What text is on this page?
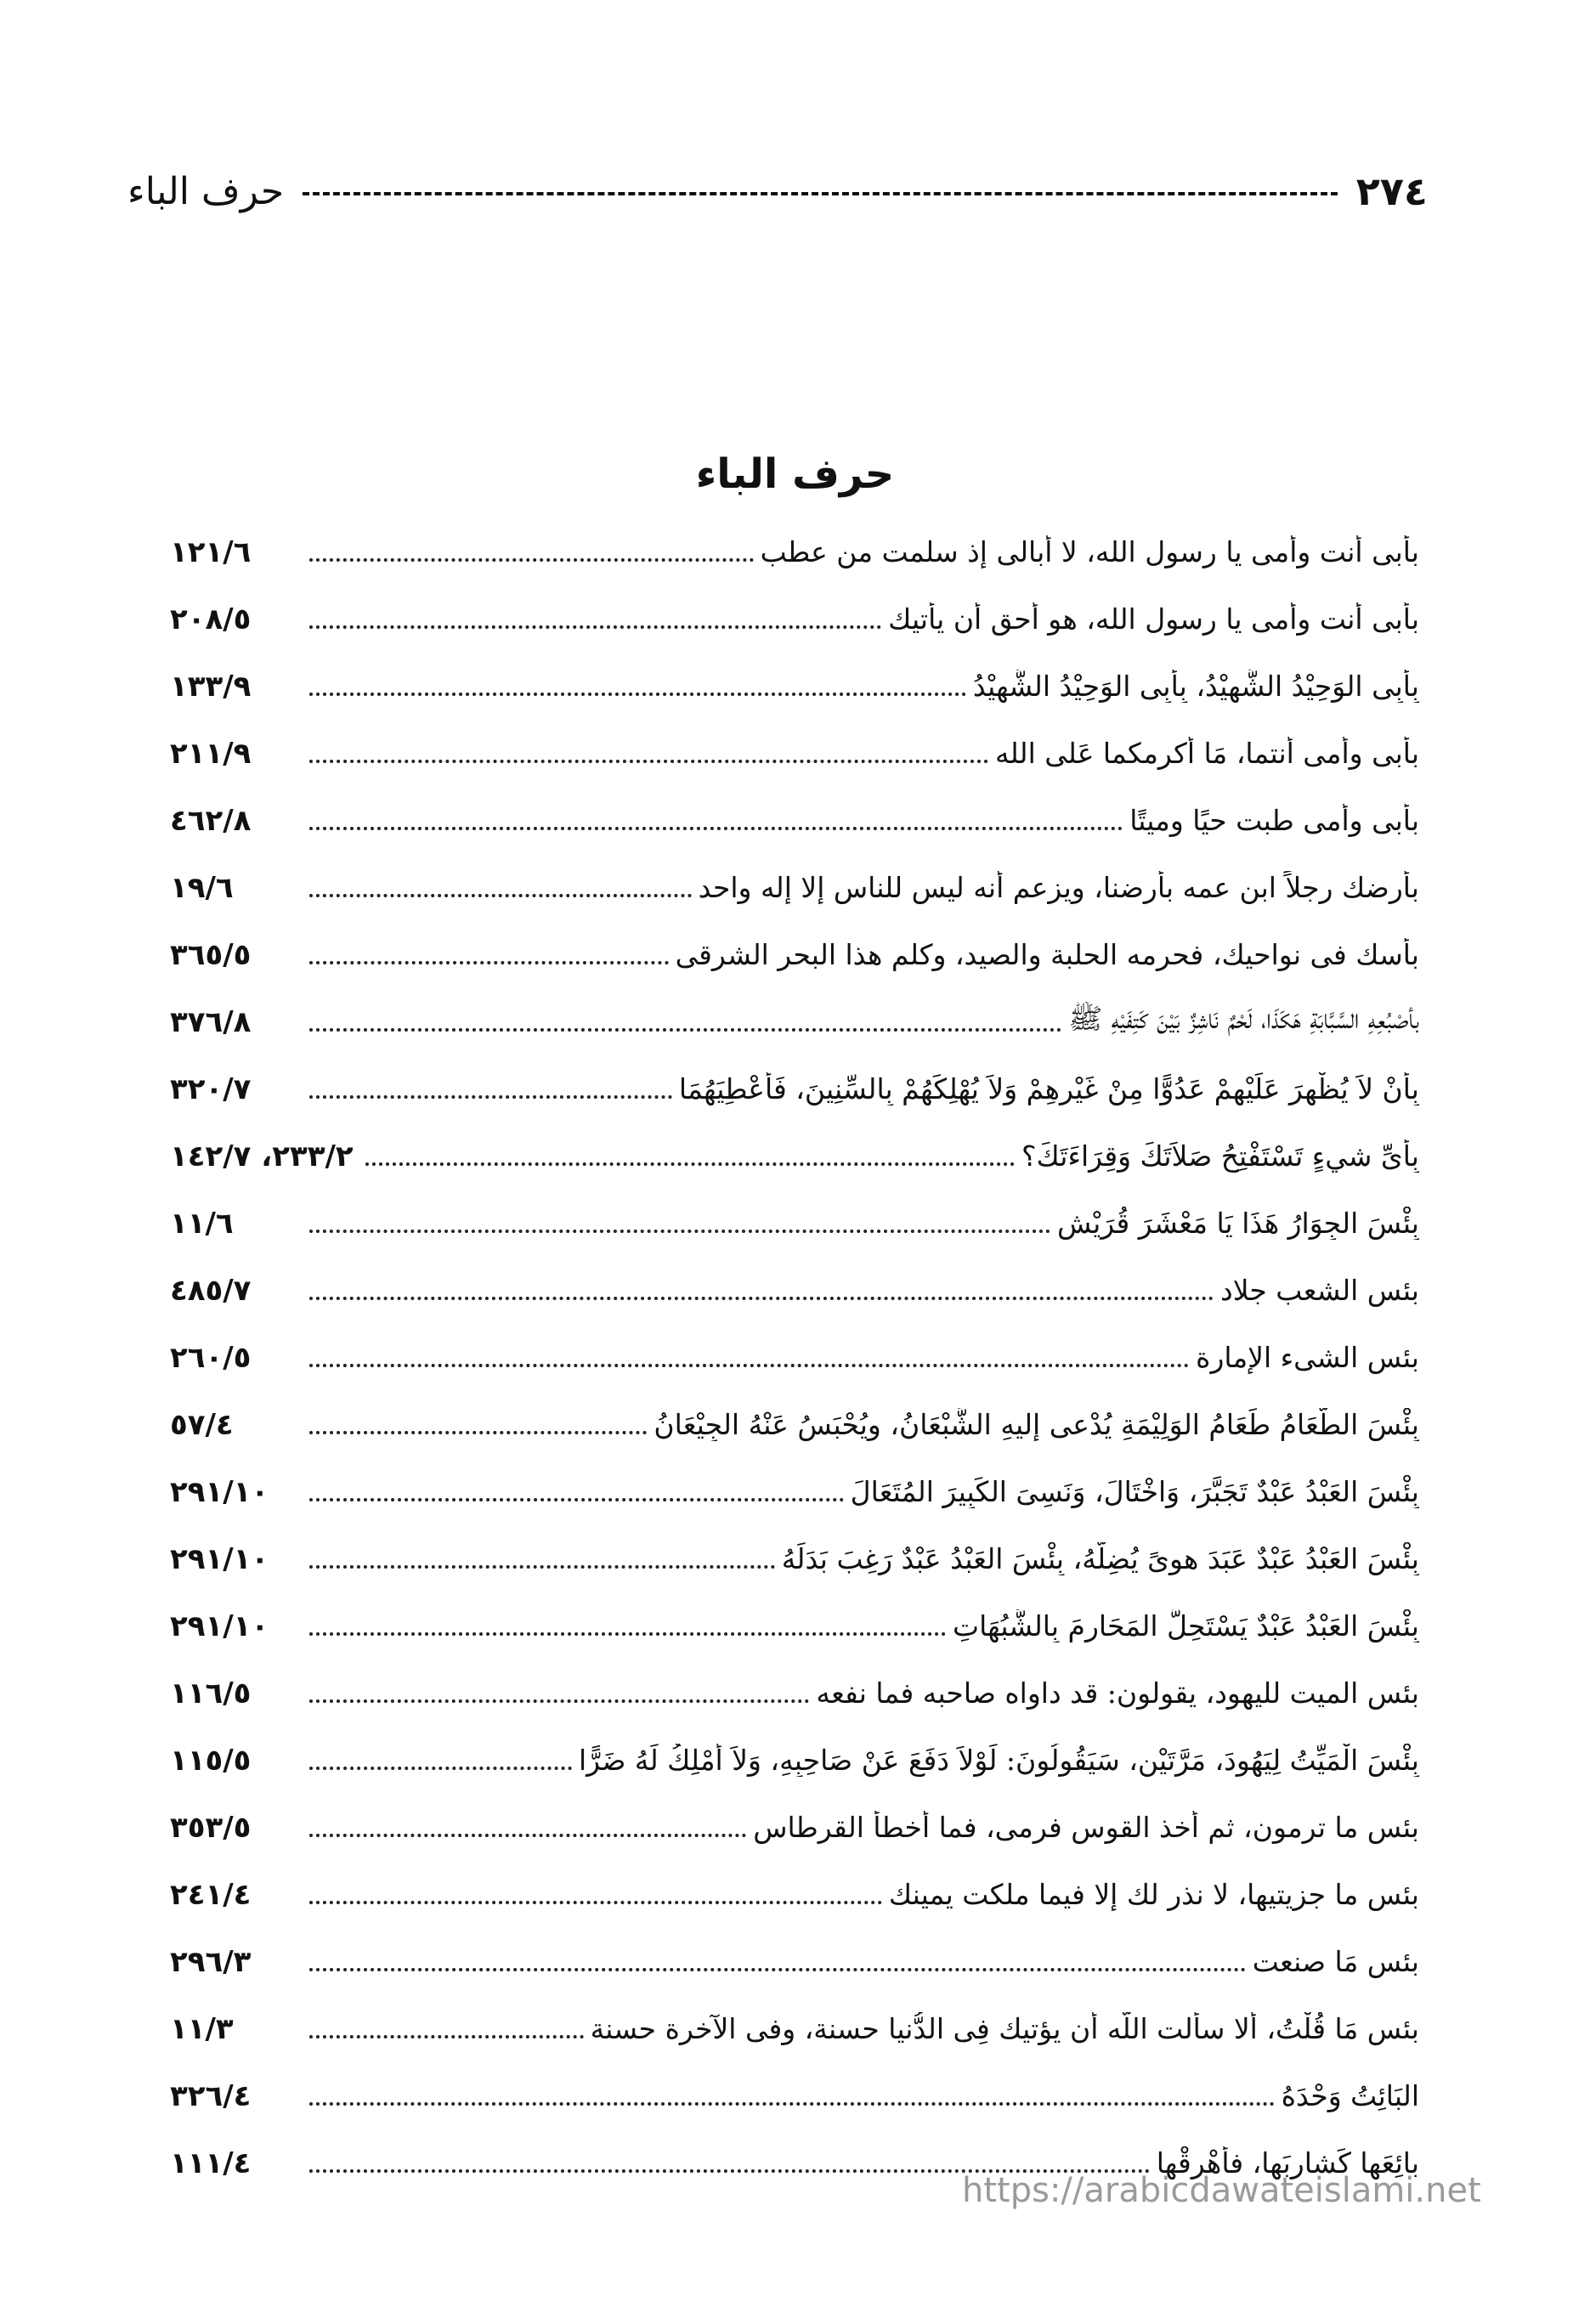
٢٧٤
حرف الباء
حرف الباء
بأبى أنت وأمى يا رسول الله، لا أبالى إذ سلمت من عطب
١٢١/٦
بأبى أنت وأمى يا رسول الله، هو أحق أن يأتيك
٢٠٨/٥
بِأَبِى الوَحِيْدُ الشَّهِيْدُ، بِأَبِى الوَحِيْدُ الشَّهِيْدُ
١٣٣/٩
بأبى وأمى أنتما، مَا أكرمكما عَلى الله
٢١١/٩
بأبى وأمى طبت حيًا وميتًا
٤٦٢/٨
بأرضك رجلاً ابن عمه بأرضنا، ويزعم أنه ليس للناس إلا إله واحد
١٩/٦
بأسك فى نواحيك، فحرمه الحلبة والصيد، وكلم هذا البحر الشرقى
٣٦٥/٥
بأصْبُعِهِ السَّبَّابَةِ هَكَذَا، لَحْمٌ نَاشِزٌ بَيْنَ كَتِفَيْهِ ﷺ
٣٧٦/٨
بِأَنْ لاَ يُظْهِرَ عَلَيْهِمْ عَدُوًّا مِنْ غَيْرِهِمْ وَلاَ يُهْلِكَهُمْ بِالسِّنِينَ، فَأَعْطِيَهُمَا
٣٢٠/٧
بِأَىِّ شيءٍ تَسْتَفْتِحُ صَلاَتَكَ وَقِرَاءَتَكَ؟
٢٣٣/٢، ١٤٢/٧
بِئْسَ الجِوَارُ هَذَا يَا مَعْشَرَ قُرَيْشٍ
١١/٦
بئس الشعب جلاد
٤٨٥/٧
بئس الشىء الإمارة
٢٦٠/٥
بِئْسَ الطَّعَامُ طَعَامُ الوَلِيْمَةِ يُدْعى إليهِ الشَّبْعَانُ، ويُحْبَسُ عَنْهُ الجِيْعَانُ
٥٧/٤
بِئْسَ العَبْدُ عَبْدٌ تَجَبَّرَ، وَاخْتَالَ، وَنَسِىَ الكَبِيرَ المُتَعَالَ
٢٩١/١٠
بِئْسَ العَبْدُ عَبْدٌ عَبَدَ هوىً يُضِلُّهُ، بِئْسَ العَبْدُ عَبْدٌ رَغِبَ بَدَلَهُ
٢٩١/١٠
بِئْسَ العَبْدُ عَبْدٌ يَسْتَحِلُّ المَحَارِمَ بِالشُّبُهَاتِ
٢٩١/١٠
بئس الميت لليهود، يقولون: قد داواه صاحبه فما نفعه
١١٦/٥
بِئْسَ الْمَيِّتُ لِيَهُودَ، مَرَّتَيْنِ، سَيَقُولُونَ: لَوْلاَ دَفَعَ عَنْ صَاحِبِهِ، وَلاَ أَمْلِكُ لَهُ ضَرًّا
١١٥/٥
بئس ما ترمون، ثم أخذ القوس فرمى، فما أخطأ القرطاس
٣٥٣/٥
بئس ما جزيتيها، لا نذر لك إلا فيما ملكت يمينك
٢٤١/٤
بئس مَا صنعت
٢٩٦/٣
بئس مَا قُلْتُ، ألا سألت اللّه أن يؤتيك فِى الدُّنيا حسنة، وفى الآخرة حسنة
١١/٣
البَائِتُ وَحْدَهُ
٣٢٦/٤
بائِعَها كَشارِبَها، فأَهْرِقْها
١١١/٤
https://arabicdawateislami.net
